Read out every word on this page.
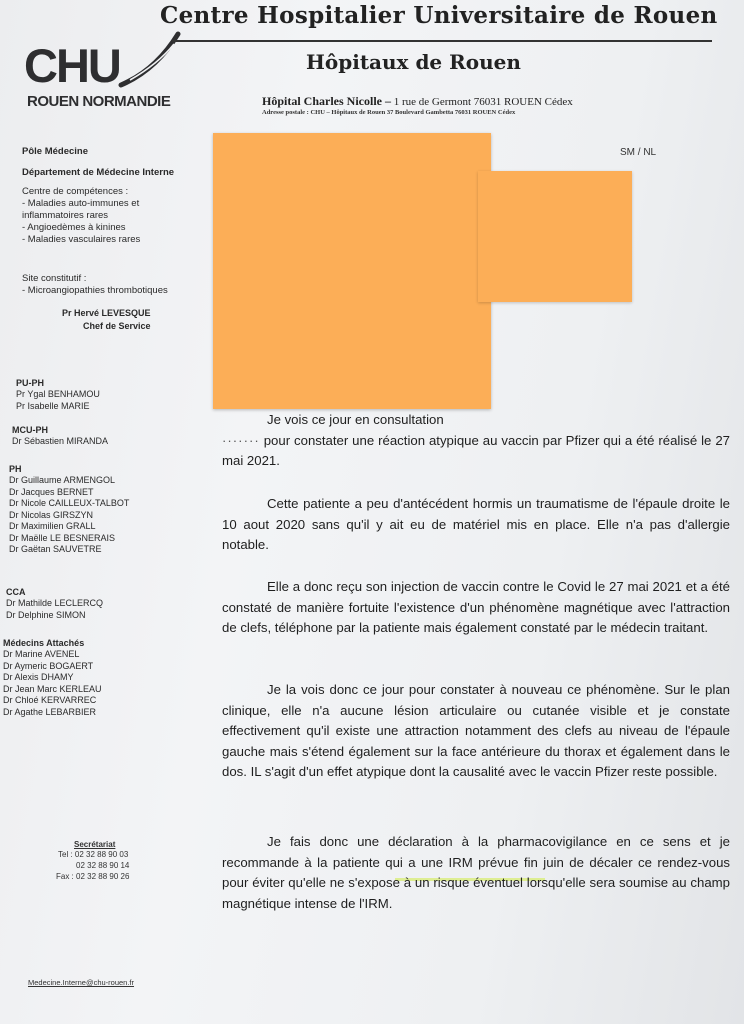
CHU
ROUEN NORMANDIE
Centre Hospitalier Universitaire de Rouen
Hôpitaux de Rouen
Hôpital Charles Nicolle – 1 rue de Germont 76031 ROUEN Cédex
Adresse postale : CHU – Hôpitaux de Rouen 37 Boulevard Gambetta 76031 ROUEN Cédex
Pôle Médecine
Département de Médecine Interne
Centre de compétences :
- Maladies auto-immunes et
inflammatoires rares
- Angioedèmes à kinines
- Maladies vasculaires rares
Site constitutif :
- Microangiopathies thrombotiques
Pr Hervé LEVESQUE
Chef de Service
PU-PH
Pr Ygal BENHAMOU
Pr Isabelle MARIE
MCU-PH
Dr Sébastien MIRANDA
PH
Dr Guillaume ARMENGOL
Dr Jacques BERNET
Dr Nicole CAILLEUX-TALBOT
Dr Nicolas GIRSZYN
Dr Maximilien GRALL
Dr Maëlle LE BESNERAIS
Dr Gaëtan SAUVETRE
CCA
Dr Mathilde LECLERCQ
Dr Delphine SIMON
Médecins Attachés
Dr Marine AVENEL
Dr Aymeric BOGAERT
Dr Alexis DHAMY
Dr Jean Marc KERLEAU
Dr Chloé KERVARREC
Dr Agathe LEBARBIER
Secrétariat
Tel : 02 32 88 90 03
02 32 88 90 14
Fax : 02 32 88 90 26
Medecine.Interne@chu-rouen.fr
SM / NL

Je vois ce jour en consultation
······· pour constater une réaction atypique au vaccin par Pfizer qui a été réalisé le 27 mai 2021.

Cette patiente a peu d'antécédent hormis un traumatisme de l'épaule droite le 10 aout 2020 sans qu'il y ait eu de matériel mis en place. Elle n'a pas d'allergie notable.

Elle a donc reçu son injection de vaccin contre le Covid le 27 mai 2021 et a été constaté de manière fortuite l'existence d'un phénomène magnétique avec l'attraction de clefs, téléphone par la patiente mais également constaté par le médecin traitant.

Je la vois donc ce jour pour constater à nouveau ce phénomène. Sur le plan clinique, elle n'a aucune lésion articulaire ou cutanée visible et je constate effectivement qu'il existe une attraction notamment des clefs au niveau de l'épaule gauche mais s'étend également sur la face antérieure du thorax et également dans le dos. IL s'agit d'un effet atypique dont la causalité avec le vaccin Pfizer reste possible.

Je fais donc une déclaration à la pharmacovigilance en ce sens et je recommande à la patiente qui a une IRM prévue fin juin de décaler ce rendez-vous pour éviter qu'elle ne s'expose à un risque éventuel lorsqu'elle sera soumise au champ magnétique intense de l'IRM.
